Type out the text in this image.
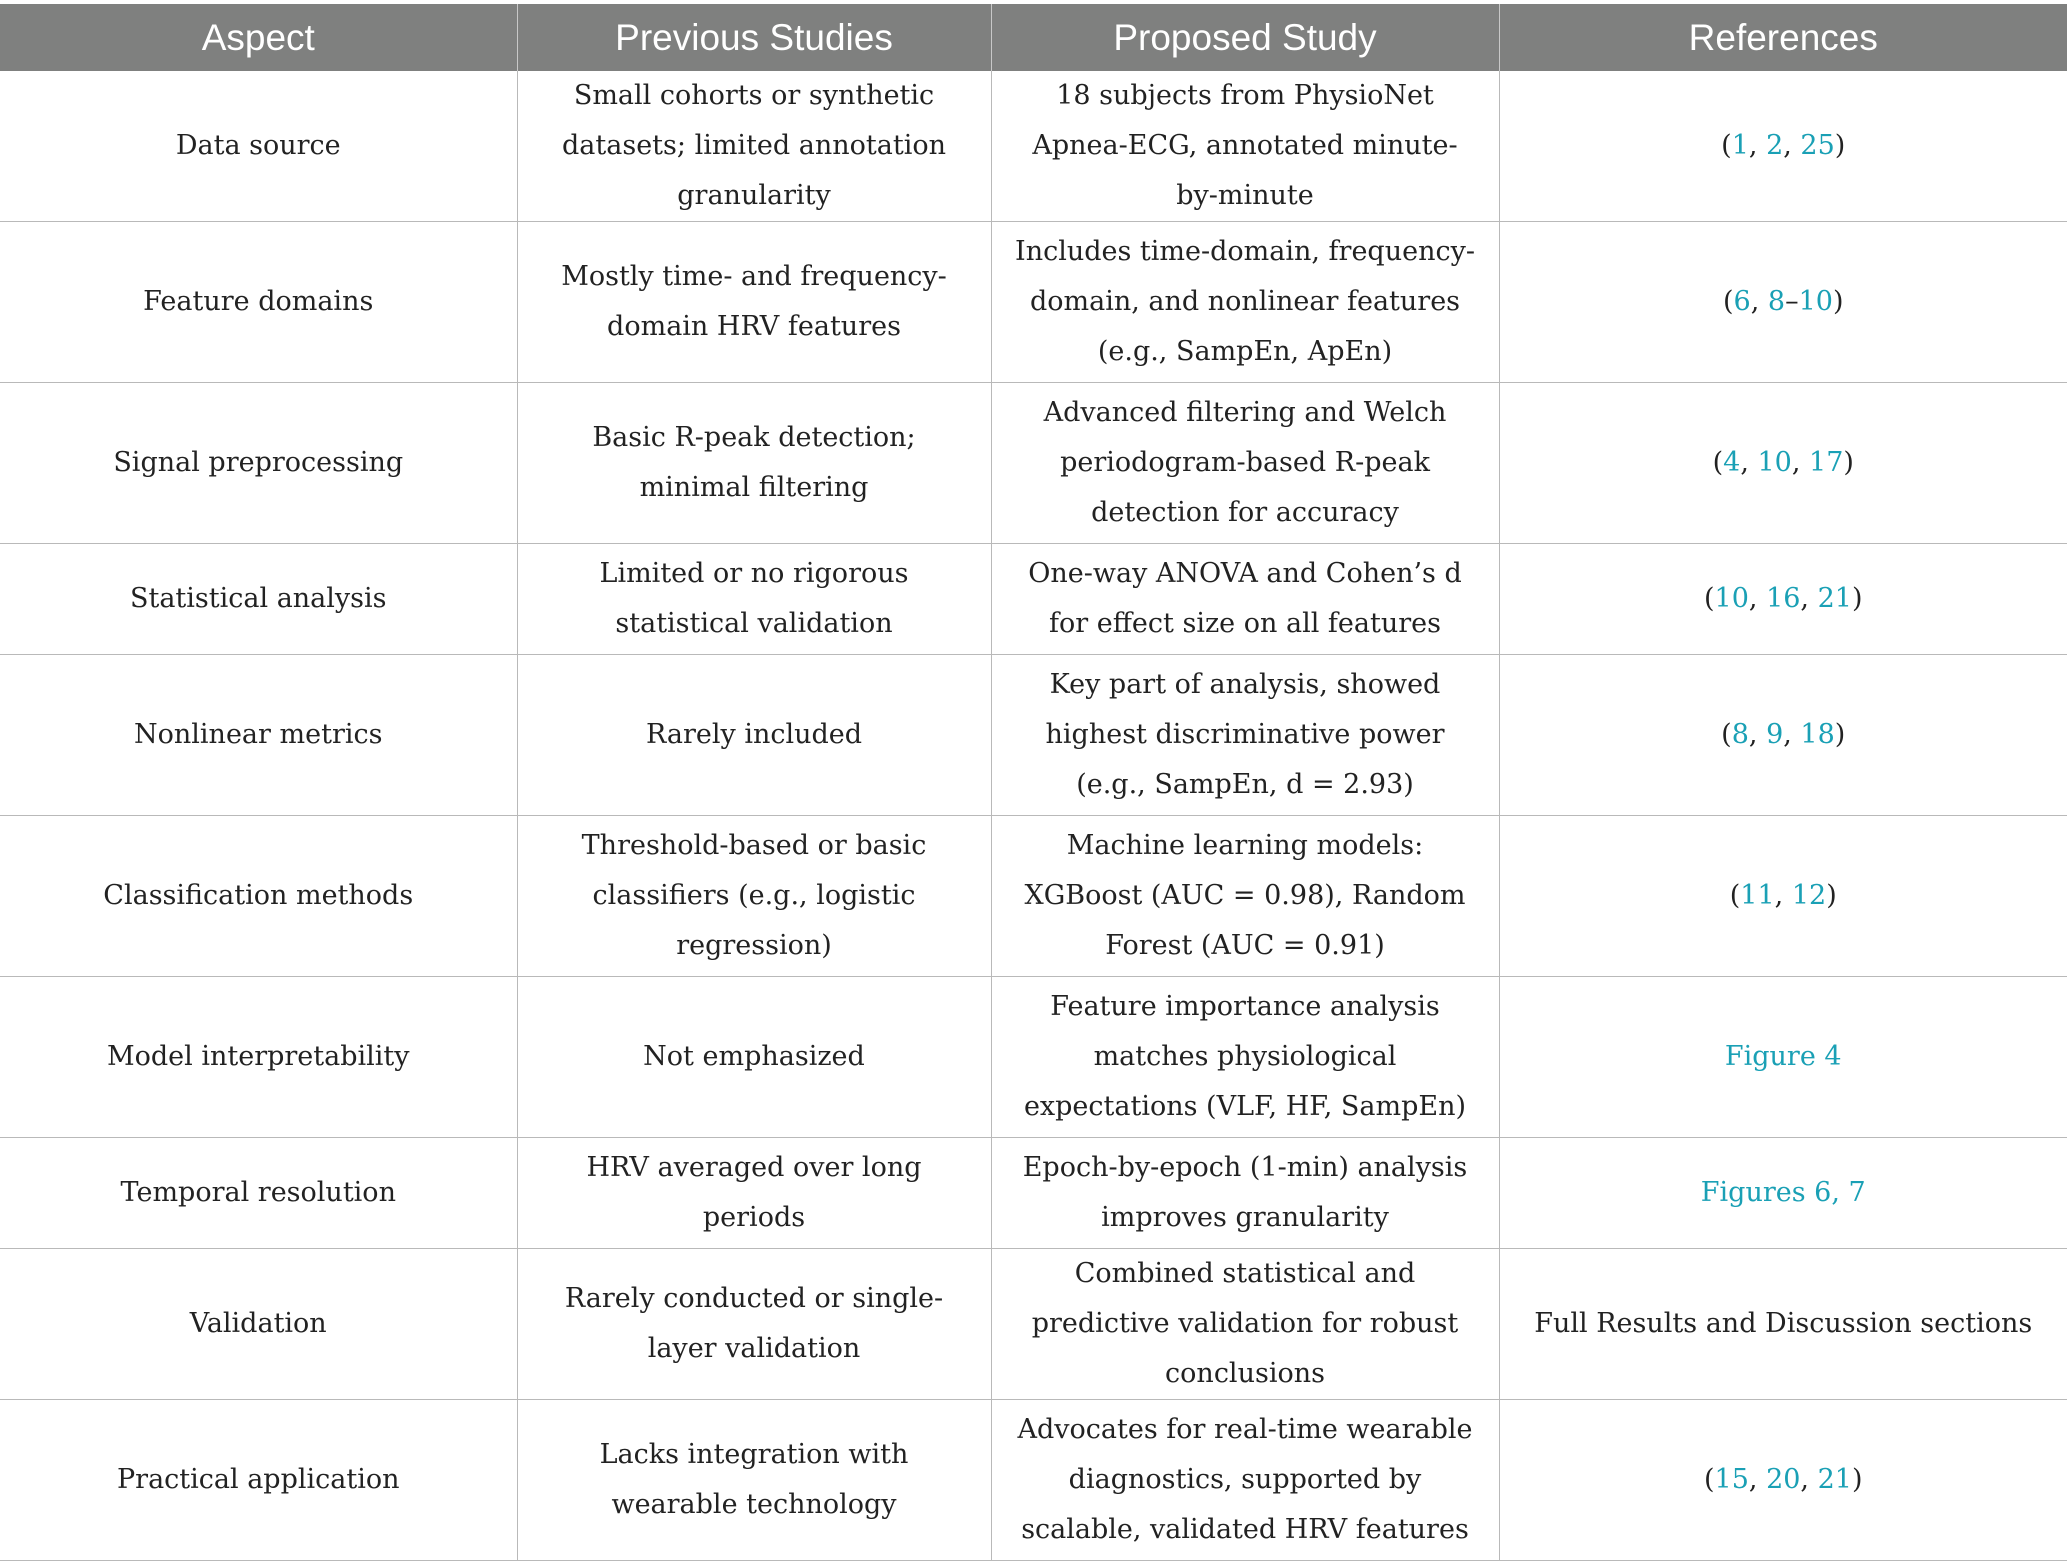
Aspect	Previous Studies	Proposed Study	References
Data source	Small cohorts or synthetic datasets; limited annotation granularity	18 subjects from PhysioNet Apnea-ECG, annotated minute-by-minute	(1, 2, 25)
Feature domains	Mostly time- and frequency-domain HRV features	Includes time-domain, frequency-domain, and nonlinear features (e.g., SampEn, ApEn)	(6, 8–10)
Signal preprocessing	Basic R-peak detection; minimal filtering	Advanced filtering and Welch periodogram-based R-peak detection for accuracy	(4, 10, 17)
Statistical analysis	Limited or no rigorous statistical validation	One-way ANOVA and Cohen’s d for effect size on all features	(10, 16, 21)
Nonlinear metrics	Rarely included	Key part of analysis, showed highest discriminative power (e.g., SampEn, d = 2.93)	(8, 9, 18)
Classification methods	Threshold-based or basic classifiers (e.g., logistic regression)	Machine learning models: XGBoost (AUC = 0.98), Random Forest (AUC = 0.91)	(11, 12)
Model interpretability	Not emphasized	Feature importance analysis matches physiological expectations (VLF, HF, SampEn)	Figure 4
Temporal resolution	HRV averaged over long periods	Epoch-by-epoch (1-min) analysis improves granularity	Figures 6, 7
Validation	Rarely conducted or single-layer validation	Combined statistical and predictive validation for robust conclusions	Full Results and Discussion sections
Practical application	Lacks integration with wearable technology	Advocates for real-time wearable diagnostics, supported by scalable, validated HRV features	(15, 20, 21)
